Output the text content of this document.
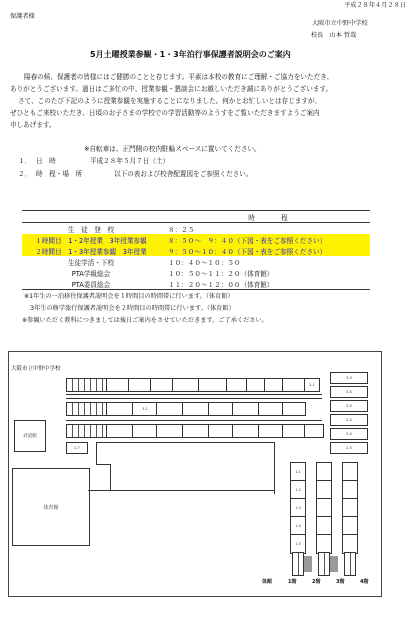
平成２８年４月２８日
保護者様
大阪市立中野中学校
校長　山本 哲哉
5月土曜授業参観・1・3年泊行事保護者説明会のご案内
陽春の候、保護者の皆様にはご健勝のことと存じます。平素は本校の教育にご理解・ご協力をいただき、
ありがとうございます。過日はご多忙の中、授業参観・懇談会にお越しいただき誠にありがとうございます。
さて、このたび下記のように授業参観を実施することになりました。何かとお忙しいとは存じますが、
ぜひともご来校いただき、日頃のお子さまの学校での学習活動等のようすをご覧いただきますようご案内
申しあげます。
※自転車は、正門側の校内駐輪スペースに置いてください。
１． 日　時	平成２８年５月７日（土）
２． 時　程・場　所	以下の表および校舎配置図をご参照ください。
	時　　　　程
生　徒　登　校	８：２５
１時間目　1・2年授業　3年授業参観	８：５０～　９：４０（下図・表をご参照ください）
２時間目　1・3年授業参観　3年授業	９：５０～１０：４０（下図・表をご参照ください）
生徒学活・下校	１０：４０～１０：５０
PTA学級総会	１０：５０～１１：２０（体育館）
PTA委員総会	１１：２０～１２：００（体育館）
※1年生の一泊移住保護者説明会を１時間目の時間帯に行います。（体育館）
　3年生の修学旅行保護者説明会を２時間目の時間帯に行います。（体育館）
※参観いただく教科につきましては後日ご案内をさせていただきます。ご了承ください。
大阪市立中野中学校
2-1
3-3
3-4
3-5
2-3
2-4
2-5
3-1
2-7
武道館
体育館
1-1
1-2
1-3
1-4
1-5
体館	1階	2階	3階	4階
